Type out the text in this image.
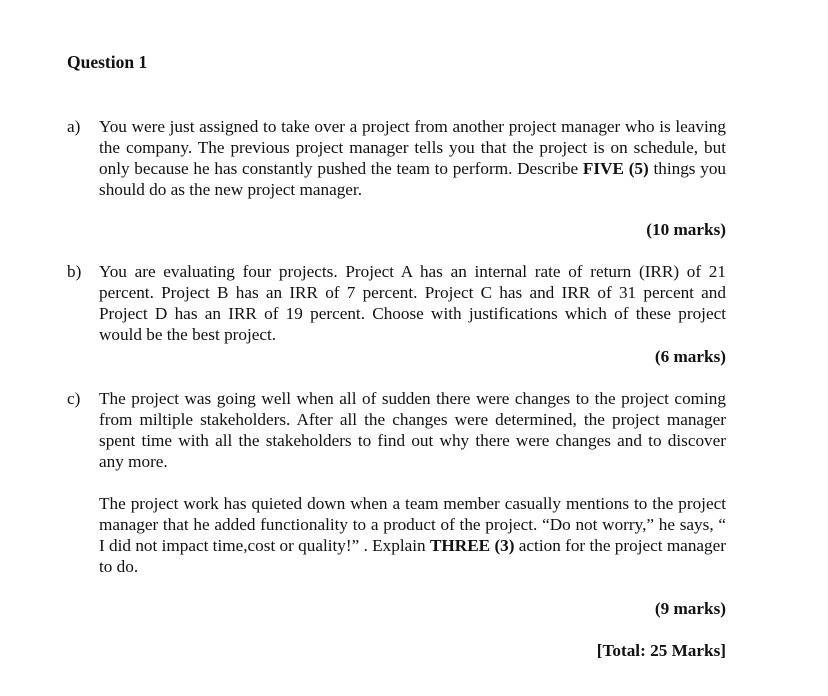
Question 1
a) You were just assigned to take over a project from another project manager who is leaving the company. The previous project manager tells you that the project is on schedule, but only because he has constantly pushed the team to perform. Describe FIVE (5) things you should do as the new project manager.
(10 marks)
b) You are evaluating four projects. Project A has an internal rate of return (IRR) of 21 percent. Project B has an IRR of 7 percent. Project C has and IRR of 31 percent and Project D has an IRR of 19 percent. Choose with justifications which of these project would be the best project.
(6 marks)
c) The project was going well when all of sudden there were changes to the project coming from miltiple stakeholders. After all the changes were determined, the project manager spent time with all the stakeholders to find out why there were changes and to discover any more.
The project work has quieted down when a team member casually mentions to the project manager that he added functionality to a product of the project. “Do not worry,” he says, “ I did not impact time,cost or quality!” . Explain THREE (3) action for the project manager to do.
(9 marks)
[Total: 25 Marks]
